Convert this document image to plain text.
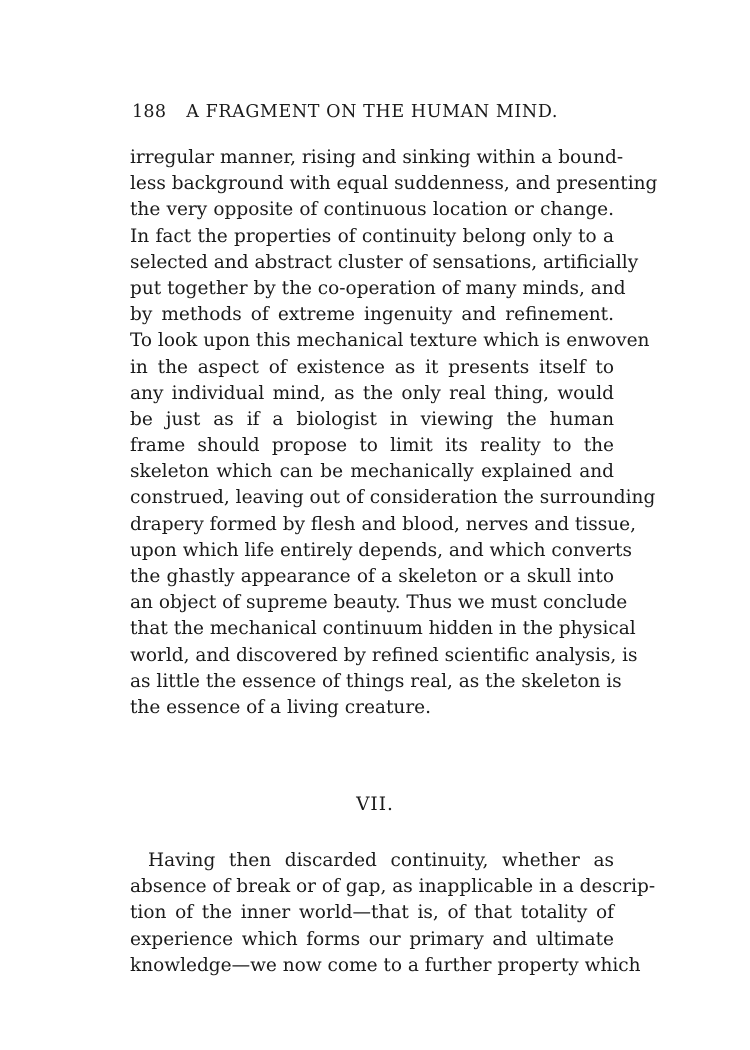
188 A FRAGMENT ON THE HUMAN MIND.
irregular manner, rising and sinking within a bound-
less background with equal suddenness, and presenting
the very opposite of continuous location or change.
In fact the properties of continuity belong only to a
selected and abstract cluster of sensations, artificially
put together by the co-operation of many minds, and
by methods of extreme ingenuity and refinement.
To look upon this mechanical texture which is enwoven
in the aspect of existence as it presents itself to
any individual mind, as the only real thing, would
be just as if a biologist in viewing the human
frame should propose to limit its reality to the
skeleton which can be mechanically explained and
construed, leaving out of consideration the surrounding
drapery formed by flesh and blood, nerves and tissue,
upon which life entirely depends, and which converts
the ghastly appearance of a skeleton or a skull into
an object of supreme beauty. Thus we must conclude
that the mechanical continuum hidden in the physical
world, and discovered by refined scientific analysis, is
as little the essence of things real, as the skeleton is
the essence of a living creature.
VII.
Having then discarded continuity, whether as
absence of break or of gap, as inapplicable in a descrip-
tion of the inner world—that is, of that totality of
experience which forms our primary and ultimate
knowledge—we now come to a further property which
